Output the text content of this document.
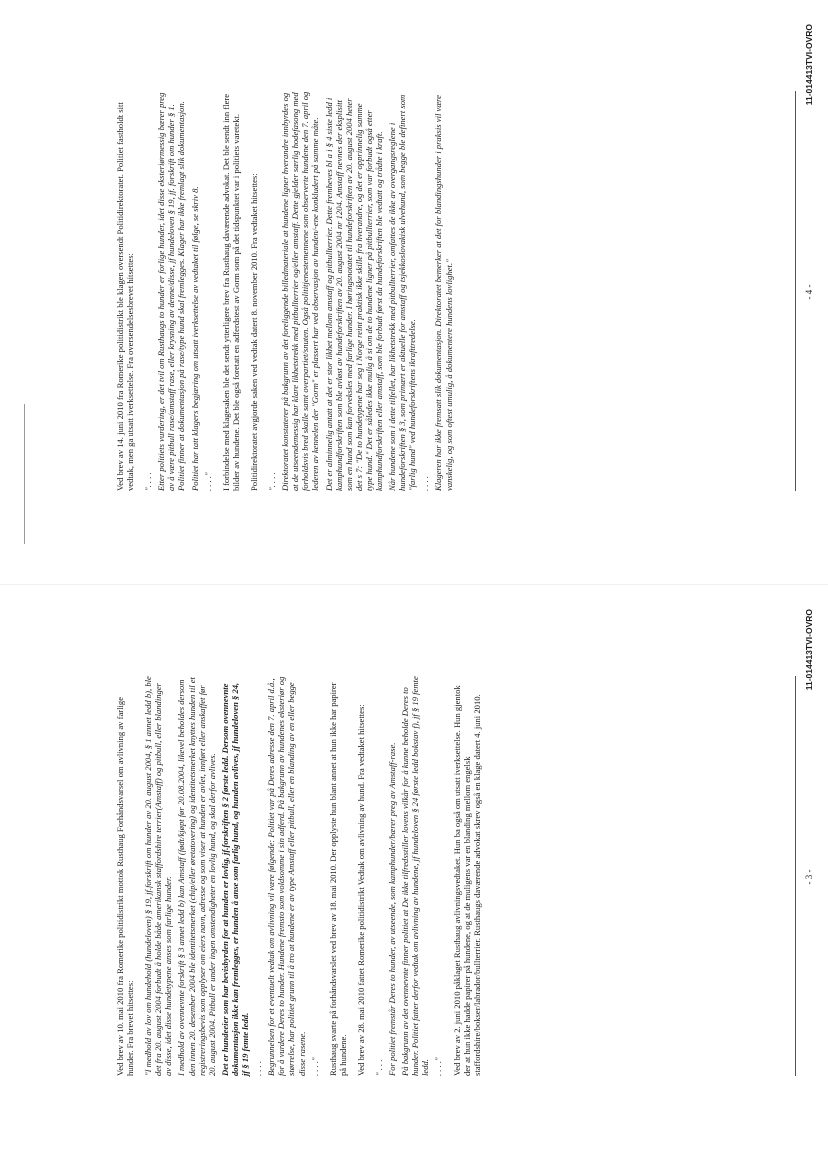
Ved brev av 10. mai 2010 fra Romerike politidistrikt mottok Rusthaug Forhåndsvarsel om avlivning av farlige hunder. Fra brevet hitsettes: "I medhold av lov om hundehold (hundeloven) § 19, jf.forskrift om hunder av 20. august 2004, § 1 annet ledd b), ble det fra 20. august 2004 forbudt å holde både amerikansk staffordshire terrier(Amstaff) og pitbull, eller blandinger av disse, idet disse hundetypene anses som farlige hunder. I medhold av ovennevnte forskrift § 3 annet ledd b) kan Amstaff (født/kjøpt før 20.08.2004, likevel beholdes dersom den innen 20. desember 2004 ble identitetsmerket (chip/eller øretatovering) og identitetsmerket knyttes hunden til et registreringsbevis som opplyser om eiers navn, adresse og som viser at hunden er avlet, innført eller anskaffet før 20. august 2004. Pitbull er under ingen omstendigheter en lovlig hund, og skal derfor avlives. Det er hundeeier som har bevisbyrden for at hunden er lovlig, jf.forskriften § 2 første ledd. Dersom ovennevnte dokumentasjon ikke kan fremlegges, er hunden å anse som farlig hund, og hunden avlives, jf hundeloven § 24, jf § 19 femte ledd. . . . . Begrunnelsen for et eventuelt vedtak om avlivning vil være følgende: Politiet var på Deres adresse den 7. april d.å., for å vurdere Deres to hunder. Hundene fremsto som voldsomme i sin adferd. På bakgrunn av hundenes eksteriør og størrelse, har politiet grunn til å tro at hundene er av type Amstaff eller pitbull, eller en blanding av en eller begge disse rasene. . . . ." Rusthaug svarte på forhåndsvarslet ved brev av 18. mai 2010. Der opplyste hun blant annet at hun ikke har papirer på hundene. Ved brev av 28. mai 2010 fattet Romerike politidistrikt Vedtak om avlivning av hund. Fra vedtaket hitsettes: " . . . For politiet fremstår Deres to hunder, av utseende, som kamphunder/bærer preg av Amstaff-rase. På bakgrunn av det ovennevnte finner politiet at De ikke tilfredsstiller lovens vilkår for å kunne beholde Deres to hunder. Politiet fatter derfor vedtak om avlivning av hundene, jf hundeloven § 24 første ledd bokstav f), jf § 19 femte ledd. . . . ." Ved brev av 2. juni 2010 påklaget Rusthaug avlivningsvedtaket. Hun ba også om utsatt iverksettelse. Hun gjentok der at hun ikke hadde papirer på hundene, og at de muligens var en blanding mellom engelsk staffordshire/bokser/labrador/bullterrier. Rusthaugs daværende advokat skrev også en klage datert 4. juni 2010.	- 3 -
11-014413TVI-OVRO

Ved brev av 14. juni 2010 fra Romerike politidistrikt ble klagen oversendt Politidirektoratet. Politiet fastholdt sitt vedtak, men ga utsatt iverksettelse. Fra oversendelsesbrevet hitsettes: ". . . . Etter politiets vurdering, er det tvil om Rusthaugs to hunder er forlige hunder, idet disse eksteriørmessig bærer preg av å være pitbull rase/amstaff rase, eller krysning av denne/disse, jf hundeloven § 19, jf. forskrift om hunder § 1. Politiet finner at dokumentasjon på rase/type hund skal fremlegges. Klager har ikke fremlagt slik dokumentasjon. Politiet har tatt klagers begjæring om utsatt iverksettelse av vedtaket til følge, se skriv 8. . . . ." I forbindelse med klagesaken ble det sendt ytterligere brev fra Rusthaug daværende advokat. Det ble sendt inn flere bilder av hundene. Det ble også foretatt en adferdstest av Gorm som på det tidspunktet var i politiets varetekt. Politidirektoratet avgjorde saken ved vedtak datert 8. november 2010. Fra vedtaket hitsettes: ". . . . Direktoratet konstaterer på bakgrunn av det foreliggende billedmateriale at hundene ligner hverandre innbyrdes og at de utseendemessig har klare likhetstrekk med pitbullterrier og/eller amstaff. Dette gjelder særlig hodefasong med forholdsvis bred skalle samt overpartiet/snuten. Også polititjenestemennene som observerte hundene den 7. april og lederen av kennelen der "Gorm" er plassert har ved observasjon av hunden/-ene konkludert på samme måte. Det er alminnelig antatt at det er stor likhet mellom amstaff og pitbullterrier. Dette fremheves bl a i § 4 siste ledd i kamphundforskriften som ble avløst av hundeforskriften av 20. august 2004 nr 1204. Amstaff nevnes der eksplisitt som en hund som kan forveksles med farlige hunder. I høringsnotatet til hundeforskriften av 20. august 2004 heter det s 7: "De to hundetypene har seg i Norge reint praktisk ikke skille fra hverandre, og det er opprinnelig samme type hund." Det er således ikke mulig å si om de to hundene ligner på pitbullterrier, som var forbudt også etter kamphundforskriften eller amstaff, som ble forbudt først da hundeforskriften ble vedtatt og trådte i kraft. Når hundene som i dette tilfellet, har likhetstrekk med pitbullterrier, omfattes de ikke av overgangsreglene i hundeforskriften § 3, som primært er aktuelle for amstaff og tsjekkoslovakisk ulvehund, som begge ble definert som "farlig hund" ved hundeforskriftens ikrafttredelse. . . . . Klageren har ikke fremsatt slik dokumentasjon. Direktoratet bemerker at det for blandingshunder i praksis vil være vanskelig, og som oftest umulig, å dokumentere hundens lovlighet."	- 4 -
11-014413TVI-OVRO
